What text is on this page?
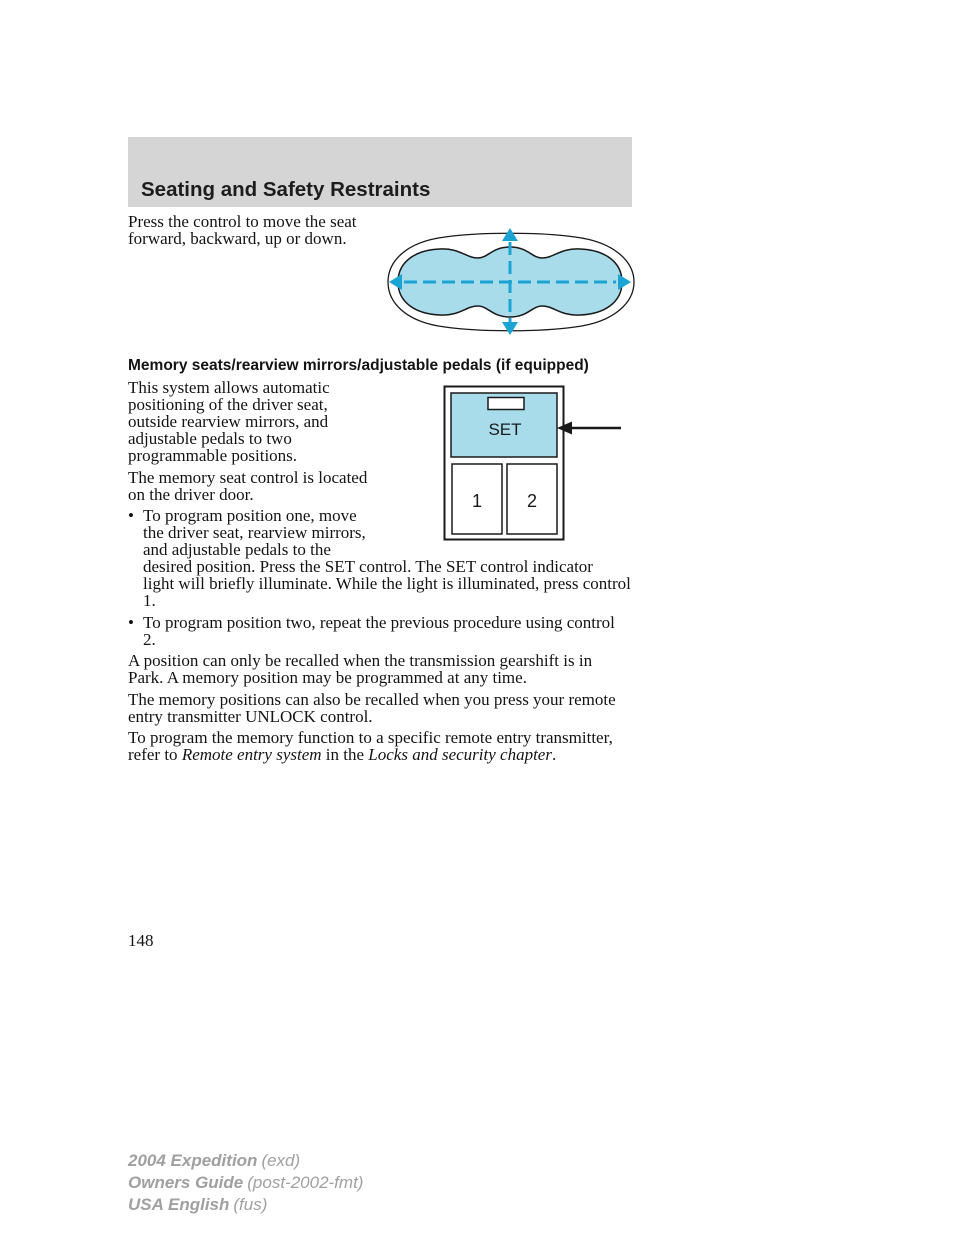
Seating and Safety Restraints
Press the control to move the seat
forward, backward, up or down.
Memory seats/rearview mirrors/adjustable pedals (if equipped)
This system allows automatic
positioning of the driver seat,
outside rearview mirrors, and
adjustable pedals to two
programmable positions.
The memory seat control is located
on the driver door.
• To program position one, move
the driver seat, rearview mirrors,
and adjustable pedals to the
desired position. Press the SET control. The SET control indicator
light will briefly illuminate. While the light is illuminated, press control
1.
• To program position two, repeat the previous procedure using control
2.
A position can only be recalled when the transmission gearshift is in
Park. A memory position may be programmed at any time.
The memory positions can also be recalled when you press your remote
entry transmitter UNLOCK control.
To program the memory function to a specific remote entry transmitter,
refer to Remote entry system in the Locks and security chapter.
SET
1 2
148
2004 Expedition (exd)
Owners Guide (post-2002-fmt)
USA English (fus)
